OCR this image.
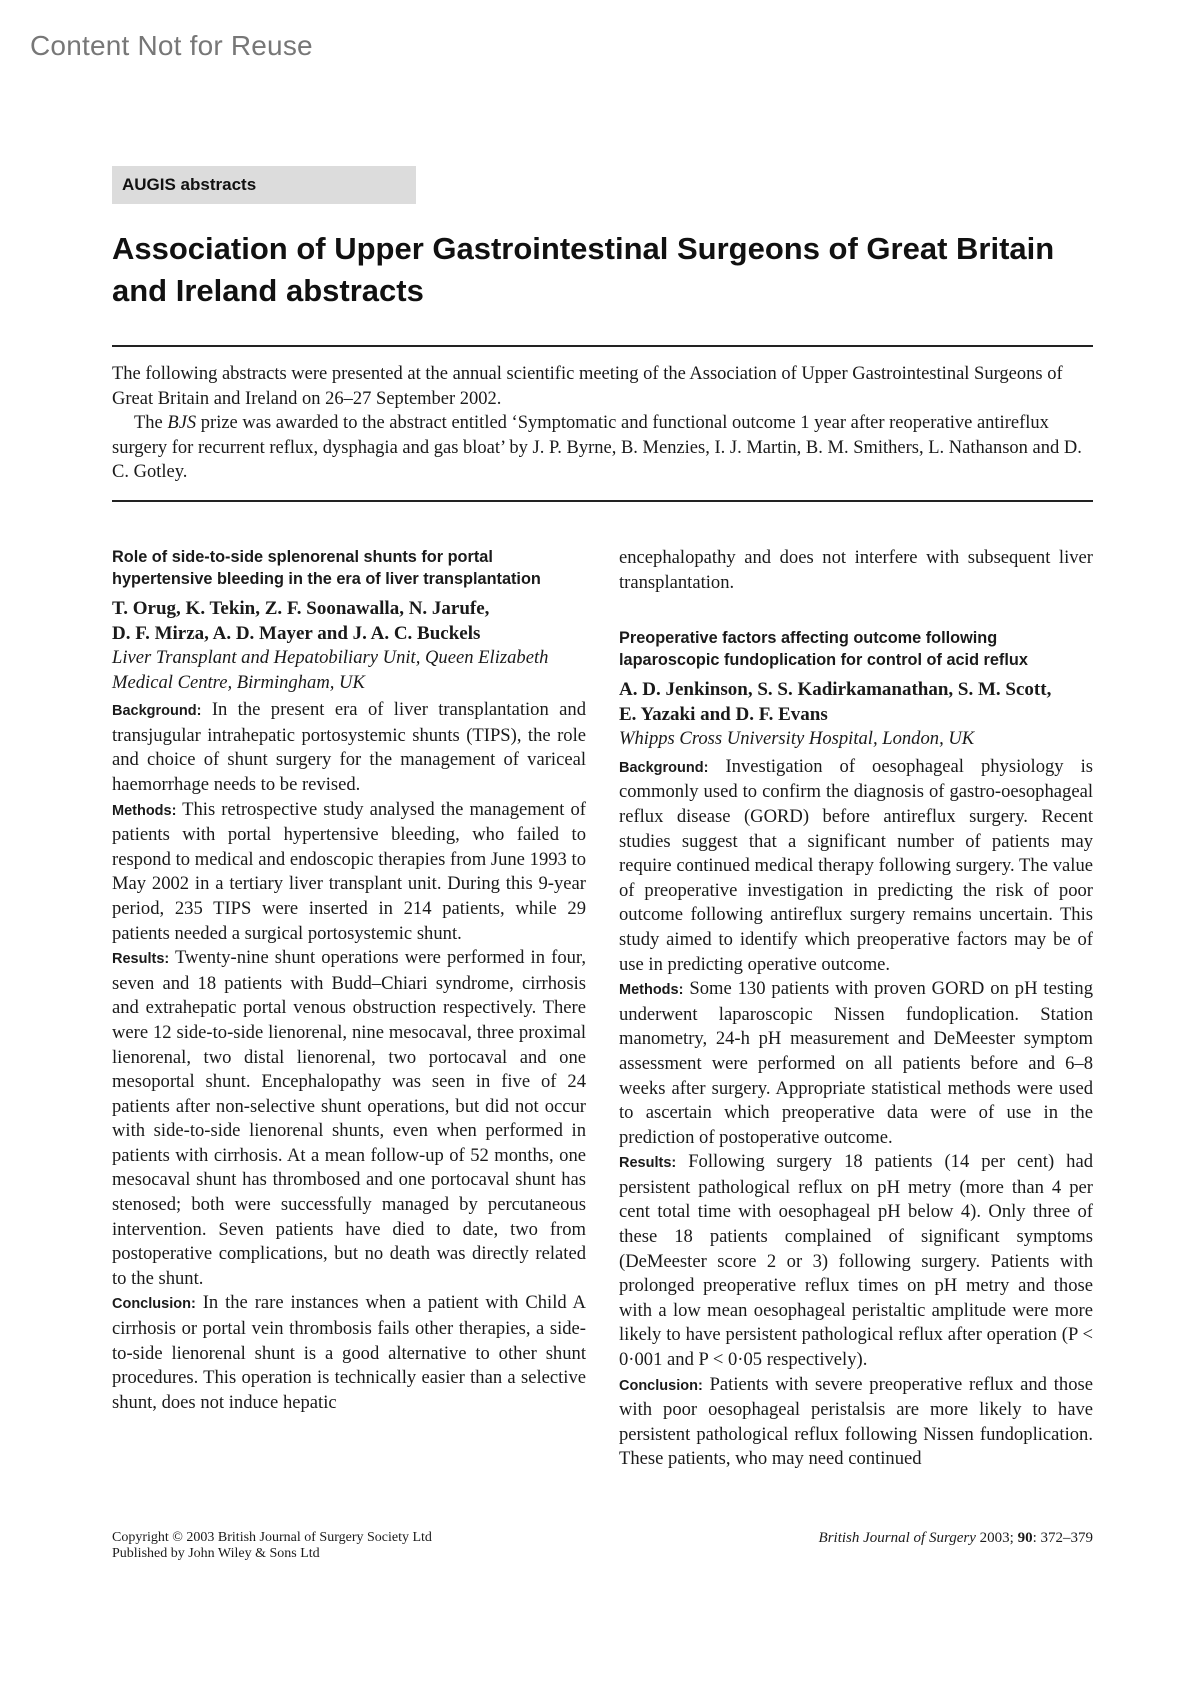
Content Not for Reuse
AUGIS abstracts
Association of Upper Gastrointestinal Surgeons of Great Britain and Ireland abstracts

The following abstracts were presented at the annual scientific meeting of the Association of Upper Gastrointestinal Surgeons of Great Britain and Ireland on 26–27 September 2002.

The BJS prize was awarded to the abstract entitled ‘Symptomatic and functional outcome 1 year after reoperative antireflux surgery for recurrent reflux, dysphagia and gas bloat’ by J. P. Byrne, B. Menzies, I. J. Martin, B. M. Smithers, L. Nathanson and D. C. Gotley.

Role of side-to-side splenorenal shunts for portal hypertensive bleeding in the era of liver transplantation

T. Orug, K. Tekin, Z. F. Soonawalla, N. Jarufe,

D. F. Mirza, A. D. Mayer and J. A. C. Buckels

Liver Transplant and Hepatobiliary Unit, Queen Elizabeth Medical Centre, Birmingham, UK

Background: In the present era of liver transplantation and transjugular intrahepatic portosystemic shunts (TIPS), the role and choice of shunt surgery for the management of variceal haemorrhage needs to be revised.

Methods: This retrospective study analysed the management of patients with portal hypertensive bleeding, who failed to respond to medical and endoscopic therapies from June 1993 to May 2002 in a tertiary liver transplant unit. During this 9-year period, 235 TIPS were inserted in 214 patients, while 29 patients needed a surgical portosystemic shunt.

Results: Twenty-nine shunt operations were performed in four, seven and 18 patients with Budd–Chiari syndrome, cirrhosis and extrahepatic portal venous obstruction respectively. There were 12 side-to-side lienorenal, nine mesocaval, three proximal lienorenal, two distal lienorenal, two portocaval and one mesoportal shunt. Encephalopathy was seen in five of 24 patients after non-selective shunt operations, but did not occur with side-to-side lienorenal shunts, even when performed in patients with cirrhosis. At a mean follow-up of 52 months, one mesocaval shunt has thrombosed and one portocaval shunt has stenosed; both were successfully managed by percutaneous intervention. Seven patients have died to date, two from postoperative complications, but no death was directly related to the shunt.

Conclusion: In the rare instances when a patient with Child A cirrhosis or portal vein thrombosis fails other therapies, a side-to-side lienorenal shunt is a good alternative to other shunt procedures. This operation is technically easier than a selective shunt, does not induce hepatic

encephalopathy and does not interfere with subsequent liver transplantation.

Preoperative factors affecting outcome following laparoscopic fundoplication for control of acid reflux

A. D. Jenkinson, S. S. Kadirkamanathan, S. M. Scott,

E. Yazaki and D. F. Evans

Whipps Cross University Hospital, London, UK

Background: Investigation of oesophageal physiology is commonly used to confirm the diagnosis of gastro-oesophageal reflux disease (GORD) before antireflux surgery. Recent studies suggest that a significant number of patients may require continued medical therapy following surgery. The value of preoperative investigation in predicting the risk of poor outcome following antireflux surgery remains uncertain. This study aimed to identify which preoperative factors may be of use in predicting operative outcome.

Methods: Some 130 patients with proven GORD on pH testing underwent laparoscopic Nissen fundoplication. Station manometry, 24-h pH measurement and DeMeester symptom assessment were performed on all patients before and 6–8 weeks after surgery. Appropriate statistical methods were used to ascertain which preoperative data were of use in the prediction of postoperative outcome.

Results: Following surgery 18 patients (14 per cent) had persistent pathological reflux on pH metry (more than 4 per cent total time with oesophageal pH below 4). Only three of these 18 patients complained of significant symptoms (DeMeester score 2 or 3) following surgery. Patients with prolonged preoperative reflux times on pH metry and those with a low mean oesophageal peristaltic amplitude were more likely to have persistent pathological reflux after operation (P < 0·001 and P < 0·05 respectively).

Conclusion: Patients with severe preoperative reflux and those with poor oesophageal peristalsis are more likely to have persistent pathological reflux following Nissen fundoplication. These patients, who may need continued

Copyright © 2003 British Journal of Surgery Society Ltd
Published by John Wiley & Sons Ltd
British Journal of Surgery 2003; 90: 372–379
